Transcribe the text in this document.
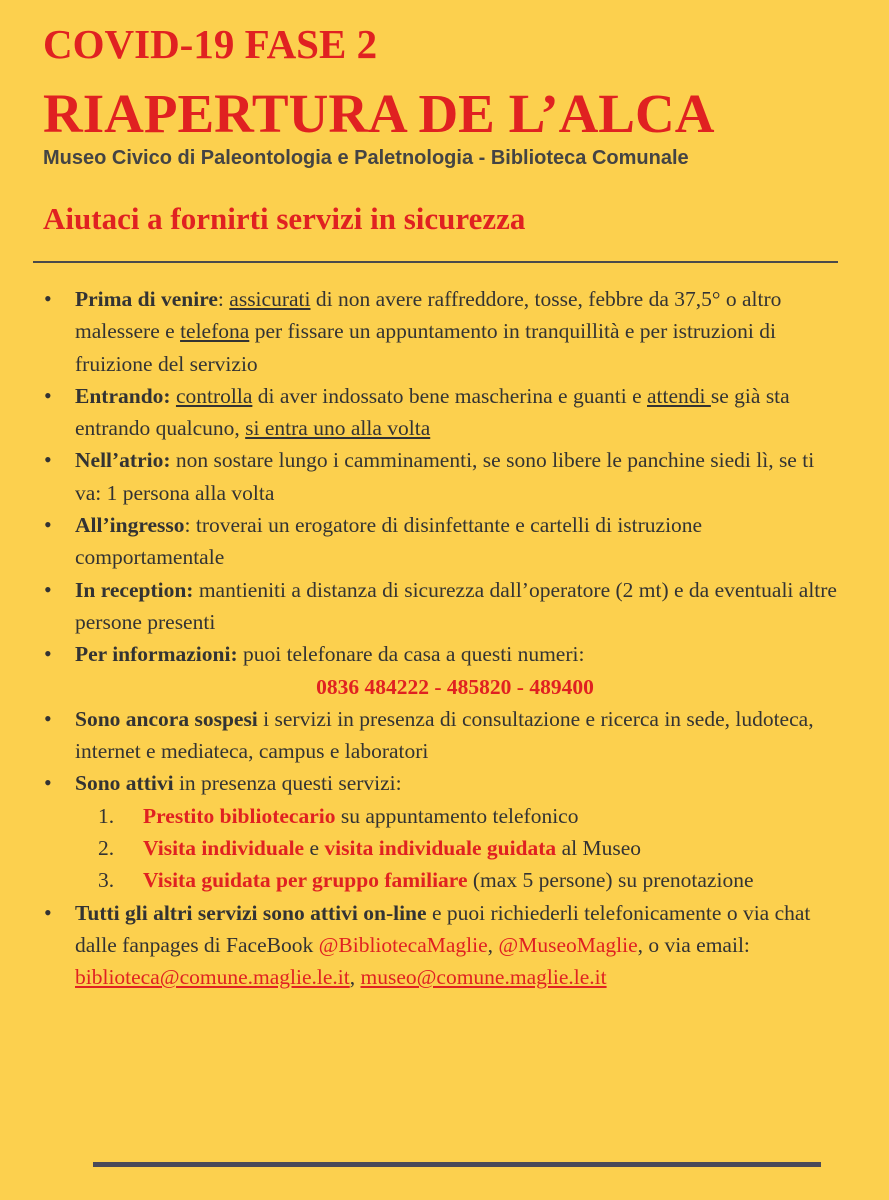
COVID-19 FASE 2
RIAPERTURA DE L’ALCA
Museo Civico di Paleontologia e Paletnologia - Biblioteca Comunale
Aiutaci a fornirti servizi in sicurezza
• Prima di venire: assicurati di non avere raffreddore, tosse, febbre da 37,5° o altro malessere e telefona per fissare un appuntamento in tranquillità e per istruzioni di fruizione del servizio
• Entrando: controlla di aver indossato bene mascherina e guanti e attendi se già sta entrando qualcuno, si entra uno alla volta
• Nell’atrio: non sostare lungo i camminamenti, se sono libere le panchine siedi lì, se ti va: 1 persona alla volta
• All’ingresso: troverai un erogatore di disinfettante e cartelli di istruzione comportamentale
• In reception: mantieniti a distanza di sicurezza dall’operatore (2 mt) e da eventuali altre persone presenti
• Per informazioni: puoi telefonare da casa a questi numeri:
0836 484222 - 485820 - 489400
• Sono ancora sospesi i servizi in presenza di consultazione e ricerca in sede, ludoteca, internet e mediateca, campus e laboratori
• Sono attivi in presenza questi servizi:
1. Prestito bibliotecario su appuntamento telefonico
2. Visita individuale e visita individuale guidata al Museo
3. Visita guidata per gruppo familiare (max 5 persone) su prenotazione
• Tutti gli altri servizi sono attivi on-line e puoi richiederli telefonicamente o via chat dalle fanpages di FaceBook @BibliotecaMaglie, @MuseoMaglie, o via email: biblioteca@comune.maglie.le.it, museo@comune.maglie.le.it
